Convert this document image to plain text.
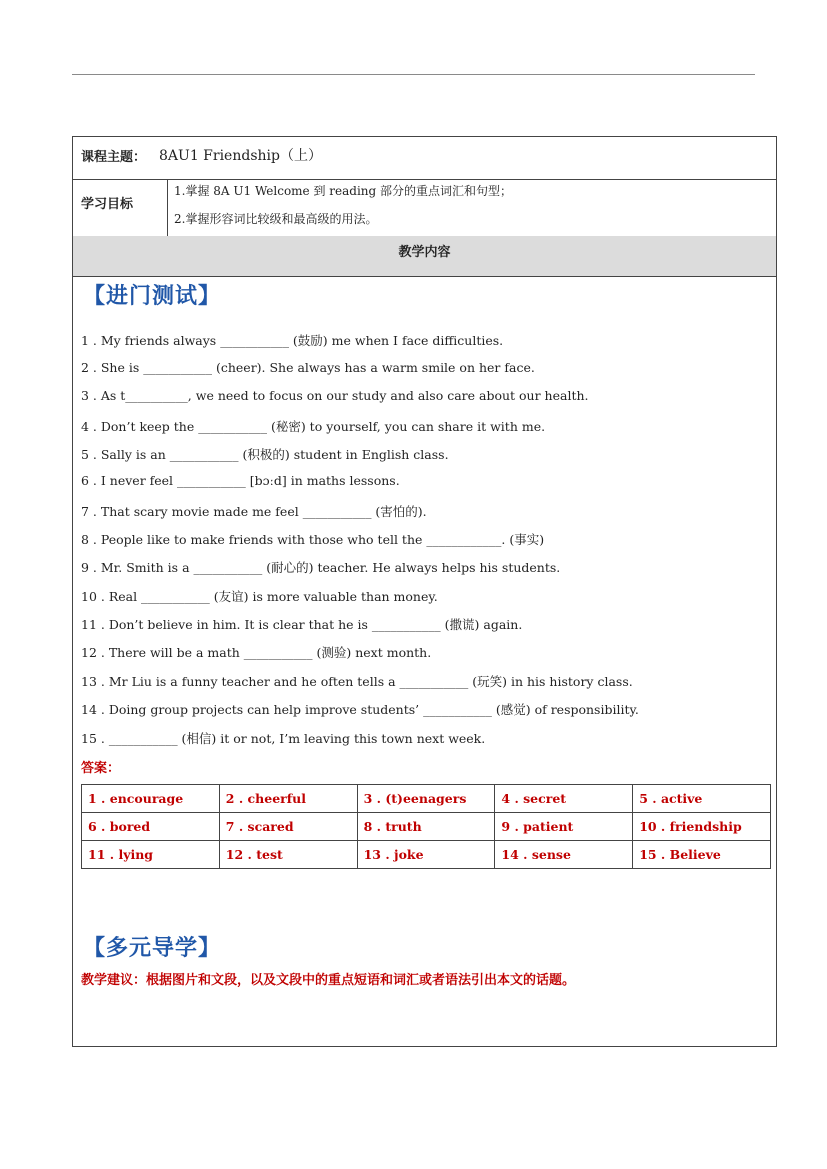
课程主题： 8AU1 Friendship（上）
学习目标
1.掌握 8A U1 Welcome 到 reading 部分的重点词汇和句型；
2.掌握形容词比较级和最高级的用法。
教学内容
【进门测试】
1 . My friends always ___________ (鼓励) me when I face difficulties.
2 . She is ___________ (cheer). She always has a warm smile on her face.
3 . As t__________, we need to focus on our study and also care about our health.
4 . Don’t keep the ___________ (秘密) to yourself, you can share it with me.
5 . Sally is an ___________ (积极的) student in English class.
6 . I never feel ___________ [bɔːd] in maths lessons.
7 . That scary movie made me feel ___________ (害怕的).
8 . People like to make friends with those who tell the ____________. (事实)
9 . Mr. Smith is a ___________ (耐心的) teacher. He always helps his students.
10 . Real ___________ (友谊) is more valuable than money.
11 . Don’t believe in him. It is clear that he is ___________ (撒谎) again.
12 . There will be a math ___________ (测验) next month.
13 . Mr Liu is a funny teacher and he often tells a ___________ (玩笑) in his history class.
14 . Doing group projects can help improve students’ ___________ (感觉) of responsibility.
15 . ___________ (相信) it or not, I’m leaving this town next week.
答案：
1 . encourage	2 . cheerful	3 . (t)eenagers	4 . secret	5 . active
6 . bored	7 . scared	8 . truth	9 . patient	10 . friendship
11 . lying	12 . test	13 . joke	14 . sense	15 . Believe
【多元导学】
教学建议：根据图片和文段，以及文段中的重点短语和词汇或者语法引出本文的话题。
